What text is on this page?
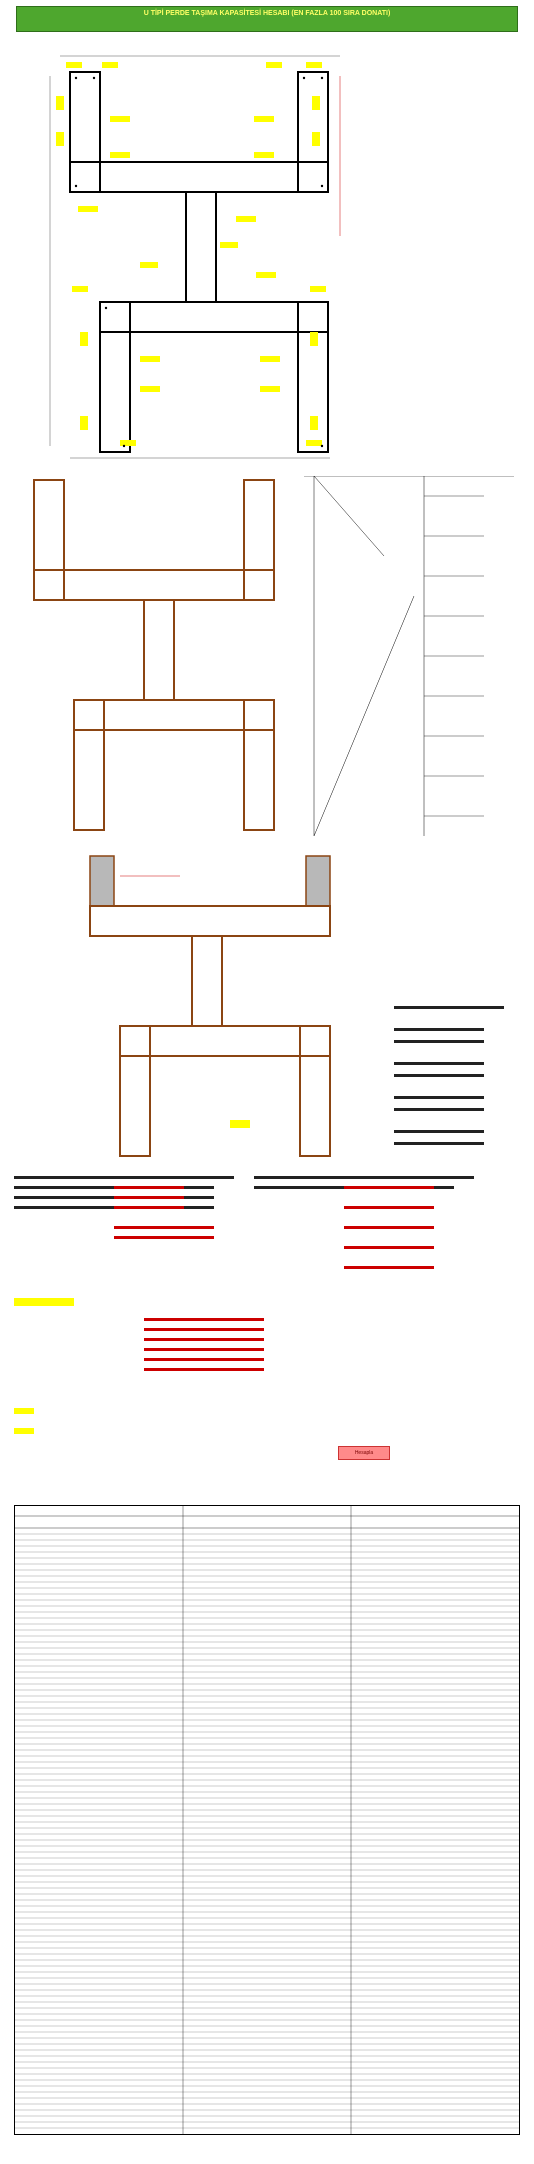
U TİPİ PERDE TAŞIMA KAPASİTESİ HESABI (EN FAZLA 100 SIRA DONATI)
Hesapla
